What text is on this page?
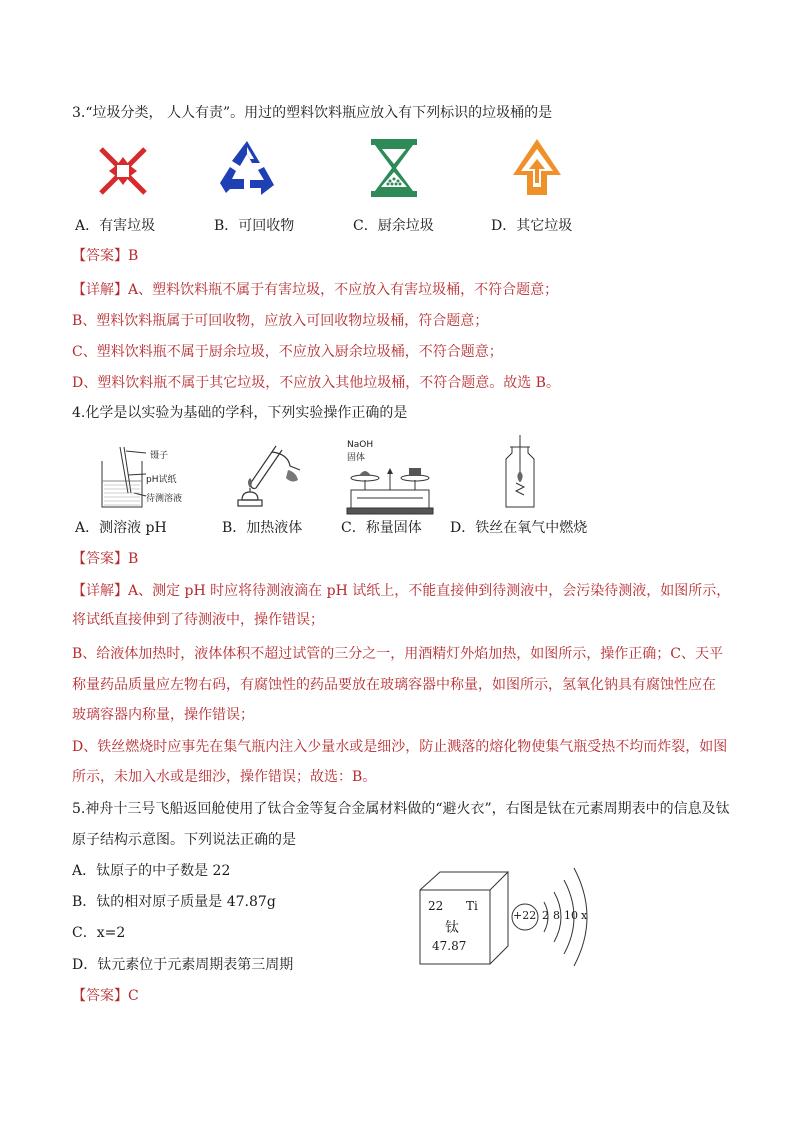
3.“垃圾分类， 人人有责”。用过的塑料饮料瓶应放入有下列标识的垃圾桶的是
A．有害垃圾	B．可回收物	C．厨余垃圾	D．其它垃圾
【答案】B
【详解】A、塑料饮料瓶不属于有害垃圾，不应放入有害垃圾桶，不符合题意；
B、塑料饮料瓶属于可回收物，应放入可回收物垃圾桶，符合题意；
C、塑料饮料瓶不属于厨余垃圾，不应放入厨余垃圾桶，不符合题意；
D、塑料饮料瓶不属于其它垃圾，不应放入其他垃圾桶，不符合题意。故选 B。
4.化学是以实验为基础的学科，下列实验操作正确的是
镊子
pH试纸
待测溶液
NaOH 固体
A．测溶液 pH	B．加热液体	C．称量固体 D．铁丝在氧气中燃烧
【答案】B
【详解】A、测定 pH 时应将待测液滴在 pH 试纸上，不能直接伸到待测液中，会污染待测液，如图所示，
将试纸直接伸到了待测液中，操作错误；
B、给液体加热时，液体体积不超过试管的三分之一，用酒精灯外焰加热，如图所示，操作正确；C、天平
称量药品质量应左物右码，有腐蚀性的药品要放在玻璃容器中称量，如图所示，氢氧化钠具有腐蚀性应在
玻璃容器内称量，操作错误；
D、铁丝燃烧时应事先在集气瓶内注入少量水或是细沙，防止溅落的熔化物使集气瓶受热不均而炸裂，如图
所示，未加入水或是细沙，操作错误；故选：B。
5.神舟十三号飞船返回舱使用了钛合金等复合金属材料做的“避火衣”，右图是钛在元素周期表中的信息及钛
原子结构示意图。下列说法正确的是
A．钛原子的中子数是 22
B．钛的相对原子质量是 47.87g
C．x=2
D．钛元素位于元素周期表第三周期
22 Ti
钛
47.87
+22 2 8 10 x
【答案】C
